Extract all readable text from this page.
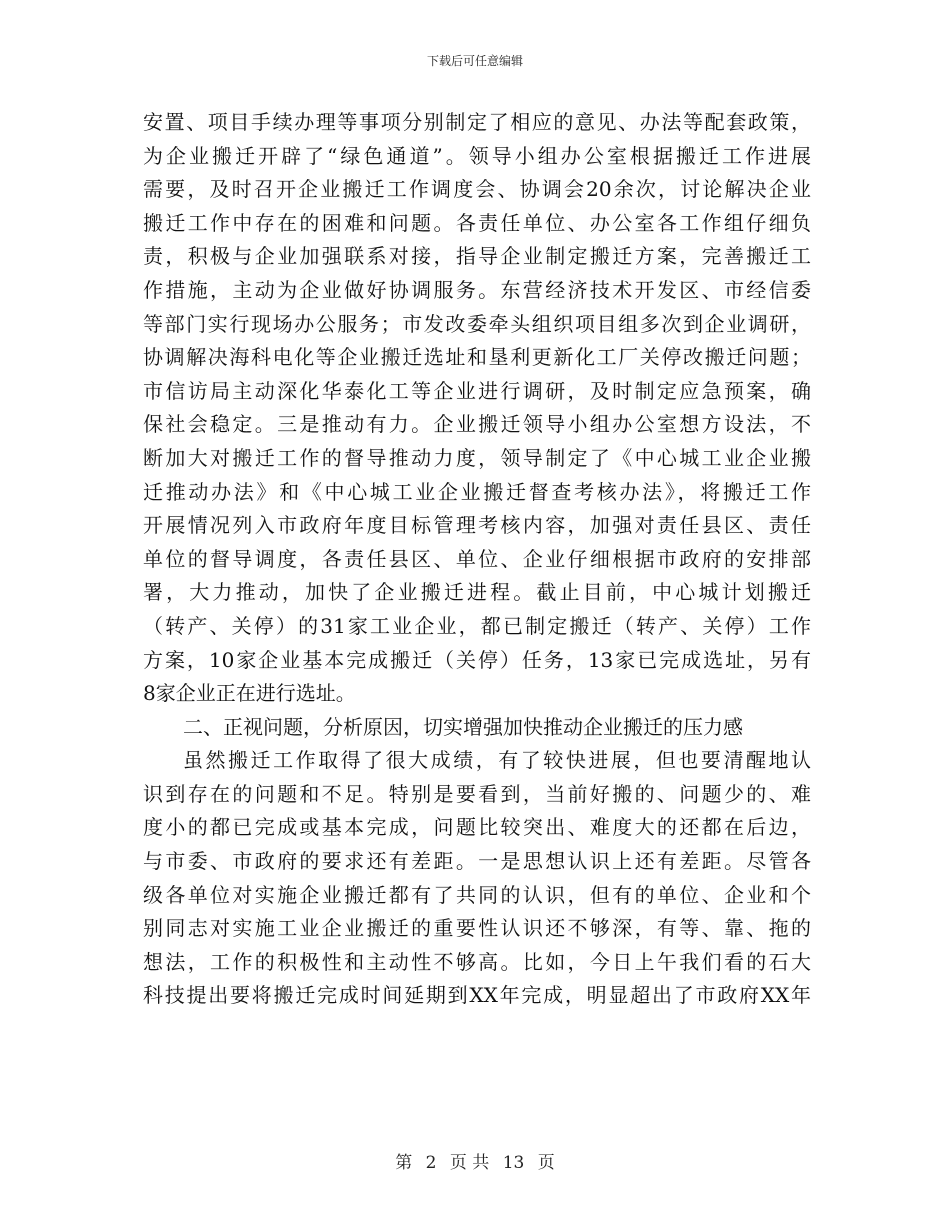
下载后可任意编辑
安置、项目手续办理等事项分别制定了相应的意见、办法等配套政策，
为企业搬迁开辟了“绿色通道”。领导小组办公室根据搬迁工作进展
需要，及时召开企业搬迁工作调度会、协调会20余次，讨论解决企业
搬迁工作中存在的困难和问题。各责任单位、办公室各工作组仔细负
责，积极与企业加强联系对接，指导企业制定搬迁方案，完善搬迁工
作措施，主动为企业做好协调服务。东营经济技术开发区、市经信委
等部门实行现场办公服务；市发改委牵头组织项目组多次到企业调研，
协调解决海科电化等企业搬迁选址和垦利更新化工厂关停改搬迁问题；
市信访局主动深化华泰化工等企业进行调研，及时制定应急预案，确
保社会稳定。三是推动有力。企业搬迁领导小组办公室想方设法，不
断加大对搬迁工作的督导推动力度，领导制定了《中心城工业企业搬
迁推动办法》和《中心城工业企业搬迁督查考核办法》，将搬迁工作
开展情况列入市政府年度目标管理考核内容，加强对责任县区、责任
单位的督导调度，各责任县区、单位、企业仔细根据市政府的安排部
署，大力推动，加快了企业搬迁进程。截止目前，中心城计划搬迁
（转产、关停）的31家工业企业，都已制定搬迁（转产、关停）工作
方案，10家企业基本完成搬迁（关停）任务，13家已完成选址，另有
8家企业正在进行选址。
二、正视问题，分析原因，切实增强加快推动企业搬迁的压力感
虽然搬迁工作取得了很大成绩，有了较快进展，但也要清醒地认
识到存在的问题和不足。特别是要看到，当前好搬的、问题少的、难
度小的都已完成或基本完成，问题比较突出、难度大的还都在后边，
与市委、市政府的要求还有差距。一是思想认识上还有差距。尽管各
级各单位对实施企业搬迁都有了共同的认识，但有的单位、企业和个
别同志对实施工业企业搬迁的重要性认识还不够深，有等、靠、拖的
想法，工作的积极性和主动性不够高。比如，今日上午我们看的石大
科技提出要将搬迁完成时间延期到XX年完成，明显超出了市政府XX年
第 2 页 共 13 页
